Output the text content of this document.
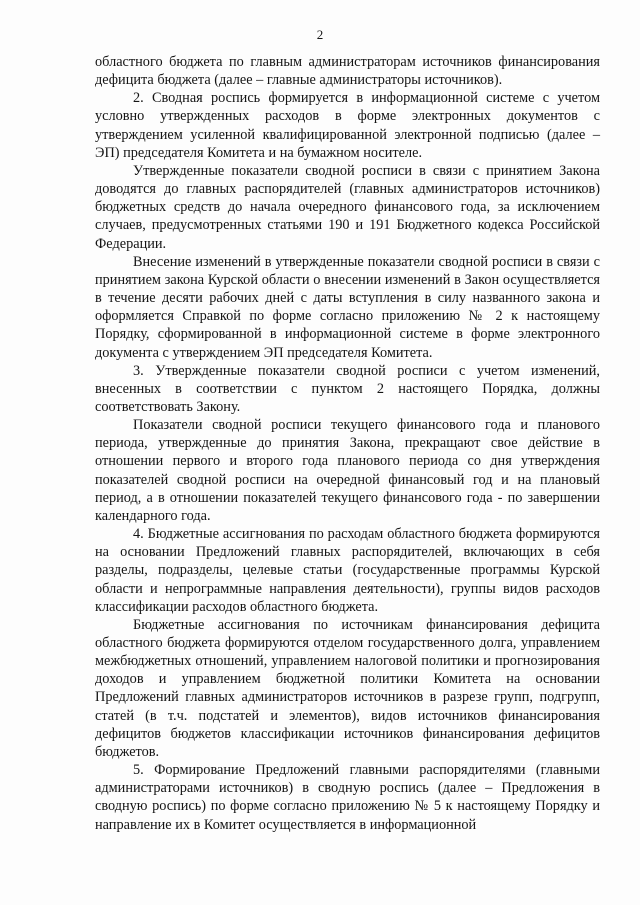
2

областного бюджета по главным администраторам источников финансирования дефицита бюджета (далее – главные администраторы источников).

2. Сводная роспись формируется в информационной системе с учетом условно утвержденных расходов в форме электронных документов с утверждением усиленной квалифицированной электронной подписью (далее – ЭП) председателя Комитета и на бумажном носителе.

Утвержденные показатели сводной росписи в связи с принятием Закона доводятся до главных распорядителей (главных администраторов источников) бюджетных средств до начала очередного финансового года, за исключением случаев, предусмотренных статьями 190 и 191 Бюджетного кодекса Российской Федерации.

Внесение изменений в утвержденные показатели сводной росписи в связи с принятием закона Курской области о внесении изменений в Закон осуществляется в течение десяти рабочих дней с даты вступления в силу названного закона и оформляется Справкой по форме согласно приложению № 2 к настоящему Порядку, сформированной в информационной системе в форме электронного документа с утверждением ЭП председателя Комитета.

3. Утвержденные показатели сводной росписи с учетом изменений, внесенных в соответствии с пунктом 2 настоящего Порядка, должны соответствовать Закону.

Показатели сводной росписи текущего финансового года и планового периода, утвержденные до принятия Закона, прекращают свое действие в отношении первого и второго года планового периода со дня утверждения показателей сводной росписи на очередной финансовый год и на плановый период, а в отношении показателей текущего финансового года - по завершении календарного года.

4. Бюджетные ассигнования по расходам областного бюджета формируются на основании Предложений главных распорядителей, включающих в себя разделы, подразделы, целевые статьи (государственные программы Курской области и непрограммные направления деятельности), группы видов расходов классификации расходов областного бюджета.

Бюджетные ассигнования по источникам финансирования дефицита областного бюджета формируются отделом государственного долга, управлением межбюджетных отношений, управлением налоговой политики и прогнозирования доходов и управлением бюджетной политики Комитета на основании Предложений главных администраторов источников в разрезе групп, подгрупп, статей (в т.ч. подстатей и элементов), видов источников финансирования дефицитов бюджетов классификации источников финансирования дефицитов бюджетов.

5. Формирование Предложений главными распорядителями (главными администраторами источников) в сводную роспись (далее – Предложения в сводную роспись) по форме согласно приложению № 5 к настоящему Порядку и направление их в Комитет осуществляется в информационной
